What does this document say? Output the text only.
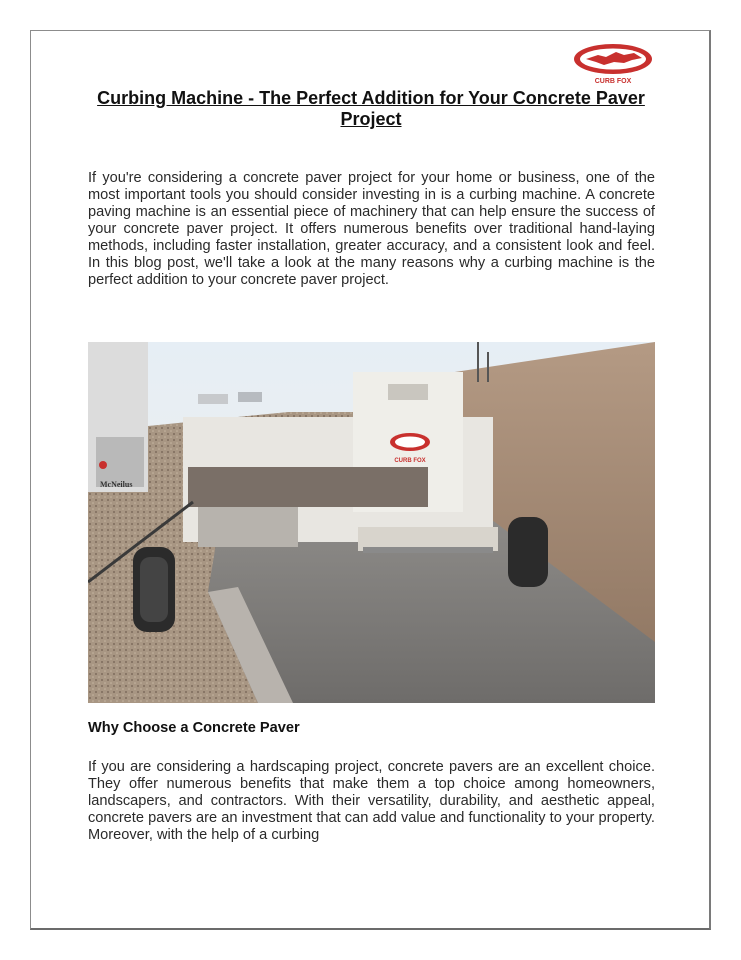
CURB FOX
Curbing Machine - The Perfect Addition for Your Concrete Paver Project

If you're considering a concrete paver project for your home or business, one of the most important tools you should consider investing in is a curbing machine. A concrete paving machine is an essential piece of machinery that can help ensure the success of your concrete paver project. It offers numerous benefits over traditional hand-laying methods, including faster installation, greater accuracy, and a consistent look and feel. In this blog post, we'll take a look at the many reasons why a curbing machine is the perfect addition to your concrete paver project.

McNeilus
CURB FOX
Why Choose a Concrete Paver

If you are considering a hardscaping project, concrete pavers are an excellent choice. They offer numerous benefits that make them a top choice among homeowners, landscapers, and contractors. With their versatility, durability, and aesthetic appeal, concrete pavers are an investment that can add value and functionality to your property. Moreover, with the help of a curbing
